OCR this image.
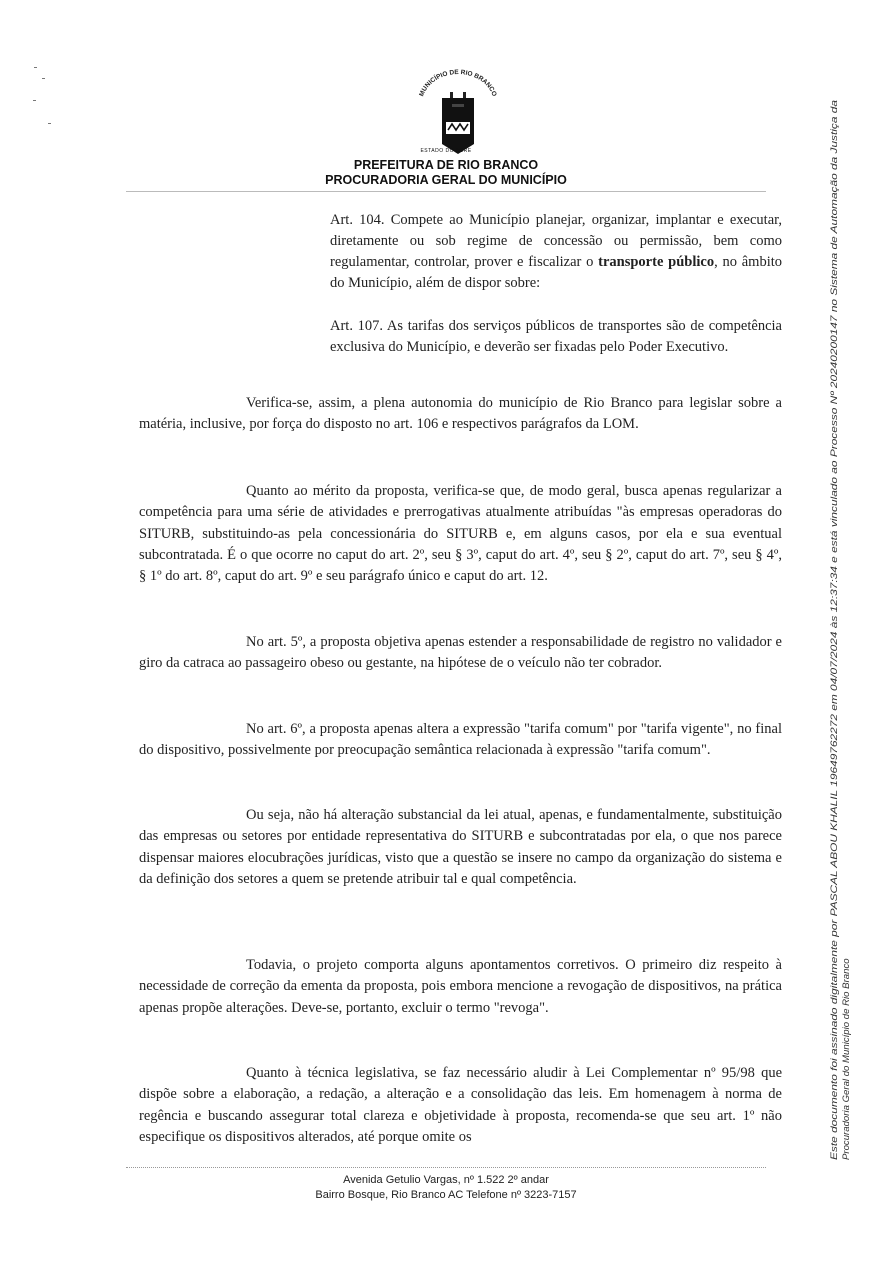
MUNICÍPIO DE RIO BRANCO
ESTADO DO ACRE
PREFEITURA DE RIO BRANCO
PROCURADORIA GERAL DO MUNICÍPIO

Art. 104. Compete ao Município planejar, organizar, implantar e executar, diretamente ou sob regime de concessão ou permissão, bem como regulamentar, controlar, prover e fiscalizar o transporte público, no âmbito do Município, além de dispor sobre:

Art. 107. As tarifas dos serviços públicos de transportes são de competência exclusiva do Município, e deverão ser fixadas pelo Poder Executivo.

Verifica-se, assim, a plena autonomia do município de Rio Branco para legislar sobre a matéria, inclusive, por força do disposto no art. 106 e respectivos parágrafos da LOM.

Quanto ao mérito da proposta, verifica-se que, de modo geral, busca apenas regularizar a competência para uma série de atividades e prerrogativas atualmente atribuídas "às empresas operadoras do SITURB, substituindo-as pela concessionária do SITURB e, em alguns casos, por ela e sua eventual subcontratada. É o que ocorre no caput do art. 2º, seu § 3º, caput do art. 4º, seu § 2º, caput do art. 7º, seu § 4º, § 1º do art. 8º, caput do art. 9º e seu parágrafo único e caput do art. 12.

No art. 5º, a proposta objetiva apenas estender a responsabilidade de registro no validador e giro da catraca ao passageiro obeso ou gestante, na hipótese de o veículo não ter cobrador.

No art. 6º, a proposta apenas altera a expressão "tarifa comum" por "tarifa vigente", no final do dispositivo, possivelmente por preocupação semântica relacionada à expressão "tarifa comum".

Ou seja, não há alteração substancial da lei atual, apenas, e fundamentalmente, substituição das empresas ou setores por entidade representativa do SITURB e subcontratadas por ela, o que nos parece dispensar maiores elocubrações jurídicas, visto que a questão se insere no campo da organização do sistema e da definição dos setores a quem se pretende atribuir tal e qual competência.

Todavia, o projeto comporta alguns apontamentos corretivos. O primeiro diz respeito à necessidade de correção da ementa da proposta, pois embora mencione a revogação de dispositivos, na prática apenas propõe alterações. Deve-se, portanto, excluir o termo "revoga".

Quanto à técnica legislativa, se faz necessário aludir à Lei Complementar nº 95/98 que dispõe sobre a elaboração, a redação, a alteração e a consolidação das leis. Em homenagem à norma de regência e buscando assegurar total clareza e objetividade à proposta, recomenda-se que seu art. 1º não especifique os dispositivos alterados, até porque omite os

Avenida Getulio Vargas, nº 1.522 2º andar
Bairro Bosque, Rio Branco AC Telefone nº 3223-7157
Este documento foi assinado digitalmente por PASCAL ABOU KHALIL 19649762272 em 04/07/2024 às 12:37:34 e está vinculado ao Processo Nº 20240200147 no Sistema de Automação da Justiça da Procuradoria Geral do Município de Rio Branco
